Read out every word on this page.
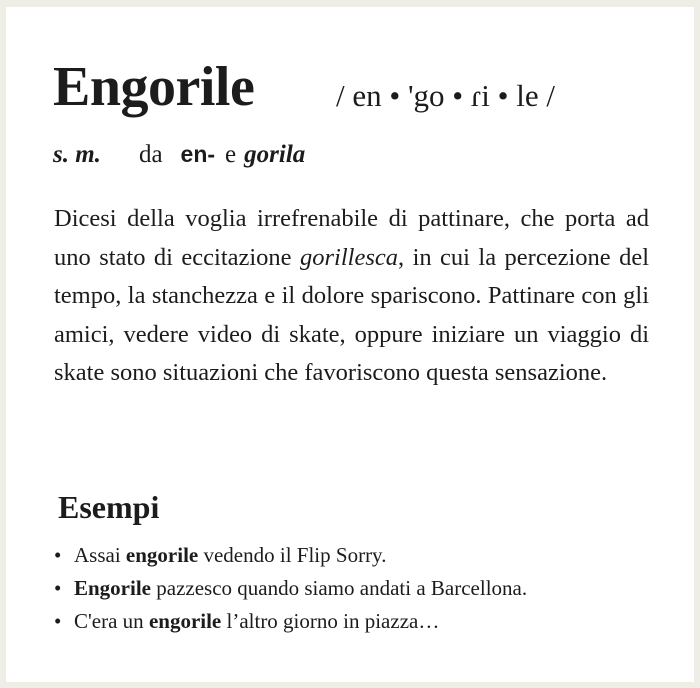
Engorile	/ en • 'go • ɾi • le /
s. m. da en- e gorila

Dicesi della voglia irrefrenabile di pattinare, che porta ad uno stato di eccitazione gorillesca, in cui la percezione del tempo, la stanchezza e il dolore spariscono. Pattinare con gli amici, vedere video di skate, oppure iniziare un viaggio di skate sono situazioni che favoriscono questa sensazione.

Esempi
• Assai engorile vedendo il Flip Sorry.
• Engorile pazzesco quando siamo andati a Barcellona.
• C'era un engorile l’altro giorno in piazza…
